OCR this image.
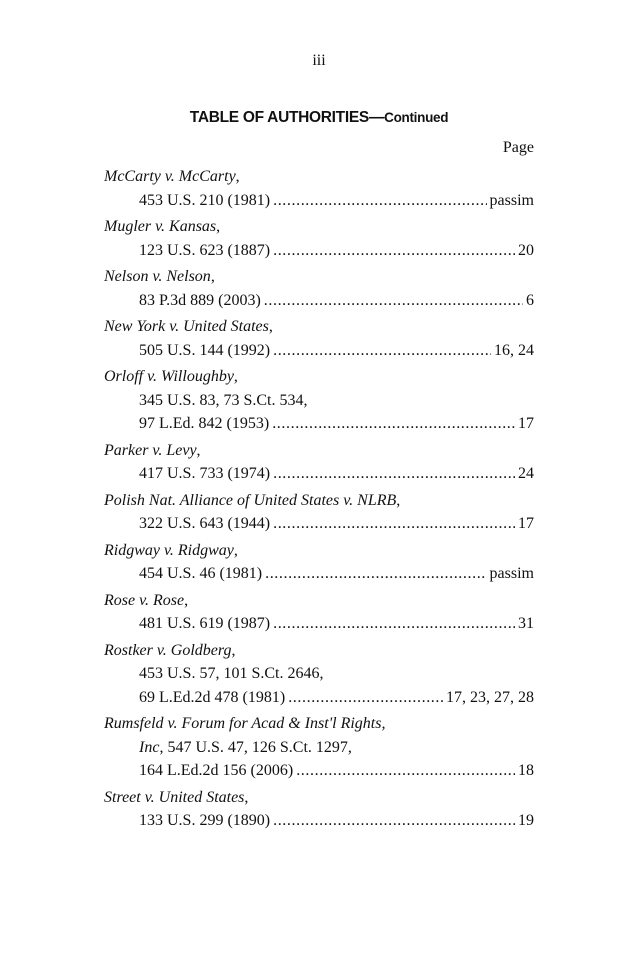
iii
TABLE OF AUTHORITIES—Continued
Page
McCarty v. McCarty,
453 U.S. 210 (1981) .....	passim
Mugler v. Kansas,
123 U.S. 623 (1887) .....	20
Nelson v. Nelson,
83 P.3d 889 (2003) .....	6
New York v. United States,
505 U.S. 144 (1992) .....	16, 24
Orloff v. Willoughby,
345 U.S. 83, 73 S.Ct. 534,
97 L.Ed. 842 (1953) .....	17
Parker v. Levy,
417 U.S. 733 (1974) .....	24
Polish Nat. Alliance of United States v. NLRB,
322 U.S. 643 (1944) .....	17
Ridgway v. Ridgway,
454 U.S. 46 (1981) .....	passim
Rose v. Rose,
481 U.S. 619 (1987) .....	31
Rostker v. Goldberg,
453 U.S. 57, 101 S.Ct. 2646,
69 L.Ed.2d 478 (1981) .....	17, 23, 27, 28
Rumsfeld v. Forum for Acad & Inst'l Rights,
Inc, 547 U.S. 47, 126 S.Ct. 1297,
164 L.Ed.2d 156 (2006) .....	18
Street v. United States,
133 U.S. 299 (1890) .....	19
